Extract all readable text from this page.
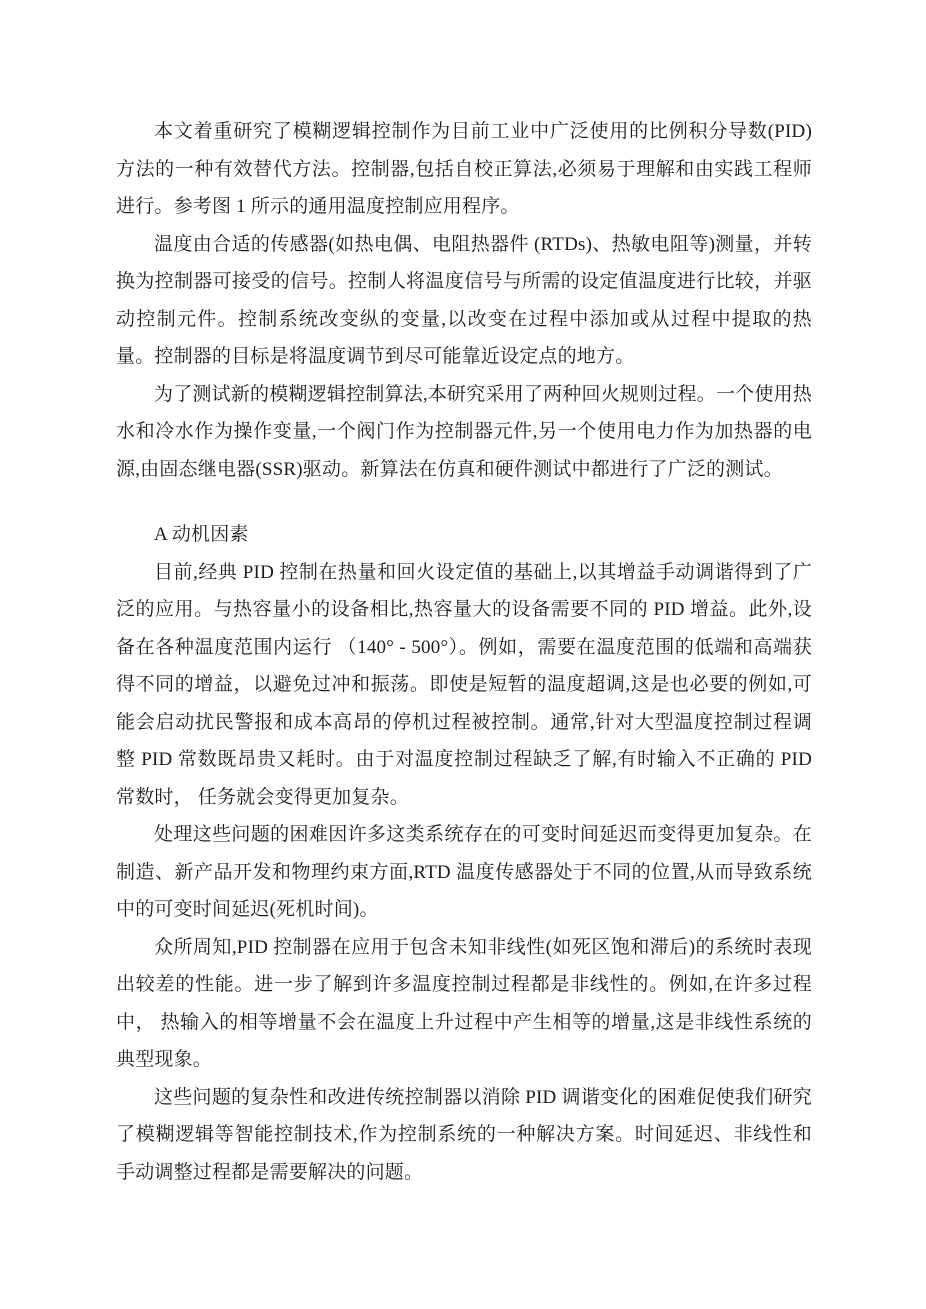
本文着重研究了模糊逻辑控制作为目前工业中广泛使用的比例积分导数(PID)方法的一种有效替代方法。控制器,包括自校正算法,必须易于理解和由实践工程师进行。参考图 1 所示的通用温度控制应用程序。

温度由合适的传感器(如热电偶、电阻热器件 (RTDs)、热敏电阻等)测量，并转换为控制器可接受的信号。控制人将温度信号与所需的设定值温度进行比较，并驱动控制元件。控制系统改变纵的变量,以改变在过程中添加或从过程中提取的热量。控制器的目标是将温度调节到尽可能靠近设定点的地方。

为了测试新的模糊逻辑控制算法,本研究采用了两种回火规则过程。一个使用热水和冷水作为操作变量,一个阀门作为控制器元件,另一个使用电力作为加热器的电源,由固态继电器(SSR)驱动。新算法在仿真和硬件测试中都进行了广泛的测试。

A 动机因素

目前,经典 PID 控制在热量和回火设定值的基础上,以其增益手动调谐得到了广泛的应用。与热容量小的设备相比,热容量大的设备需要不同的 PID 增益。此外,设备在各种温度范围内运行 （140° - 500°）。例如，需要在温度范围的低端和高端获得不同的增益，以避免过冲和振荡。即使是短暂的温度超调,这是也必要的例如,可能会启动扰民警报和成本高昂的停机过程被控制。通常,针对大型温度控制过程调整 PID 常数既昂贵又耗时。由于对温度控制过程缺乏了解,有时输入不正确的 PID 常数时， 任务就会变得更加复杂。

处理这些问题的困难因许多这类系统存在的可变时间延迟而变得更加复杂。在制造、新产品开发和物理约束方面,RTD 温度传感器处于不同的位置,从而导致系统中的可变时间延迟(死机时间)。

众所周知,PID 控制器在应用于包含未知非线性(如死区饱和滞后)的系统时表现出较差的性能。进一步了解到许多温度控制过程都是非线性的。例如,在许多过程中， 热输入的相等增量不会在温度上升过程中产生相等的增量,这是非线性系统的典型现象。

这些问题的复杂性和改进传统控制器以消除 PID 调谐变化的困难促使我们研究了模糊逻辑等智能控制技术,作为控制系统的一种解决方案。时间延迟、非线性和手动调整过程都是需要解决的问题。
